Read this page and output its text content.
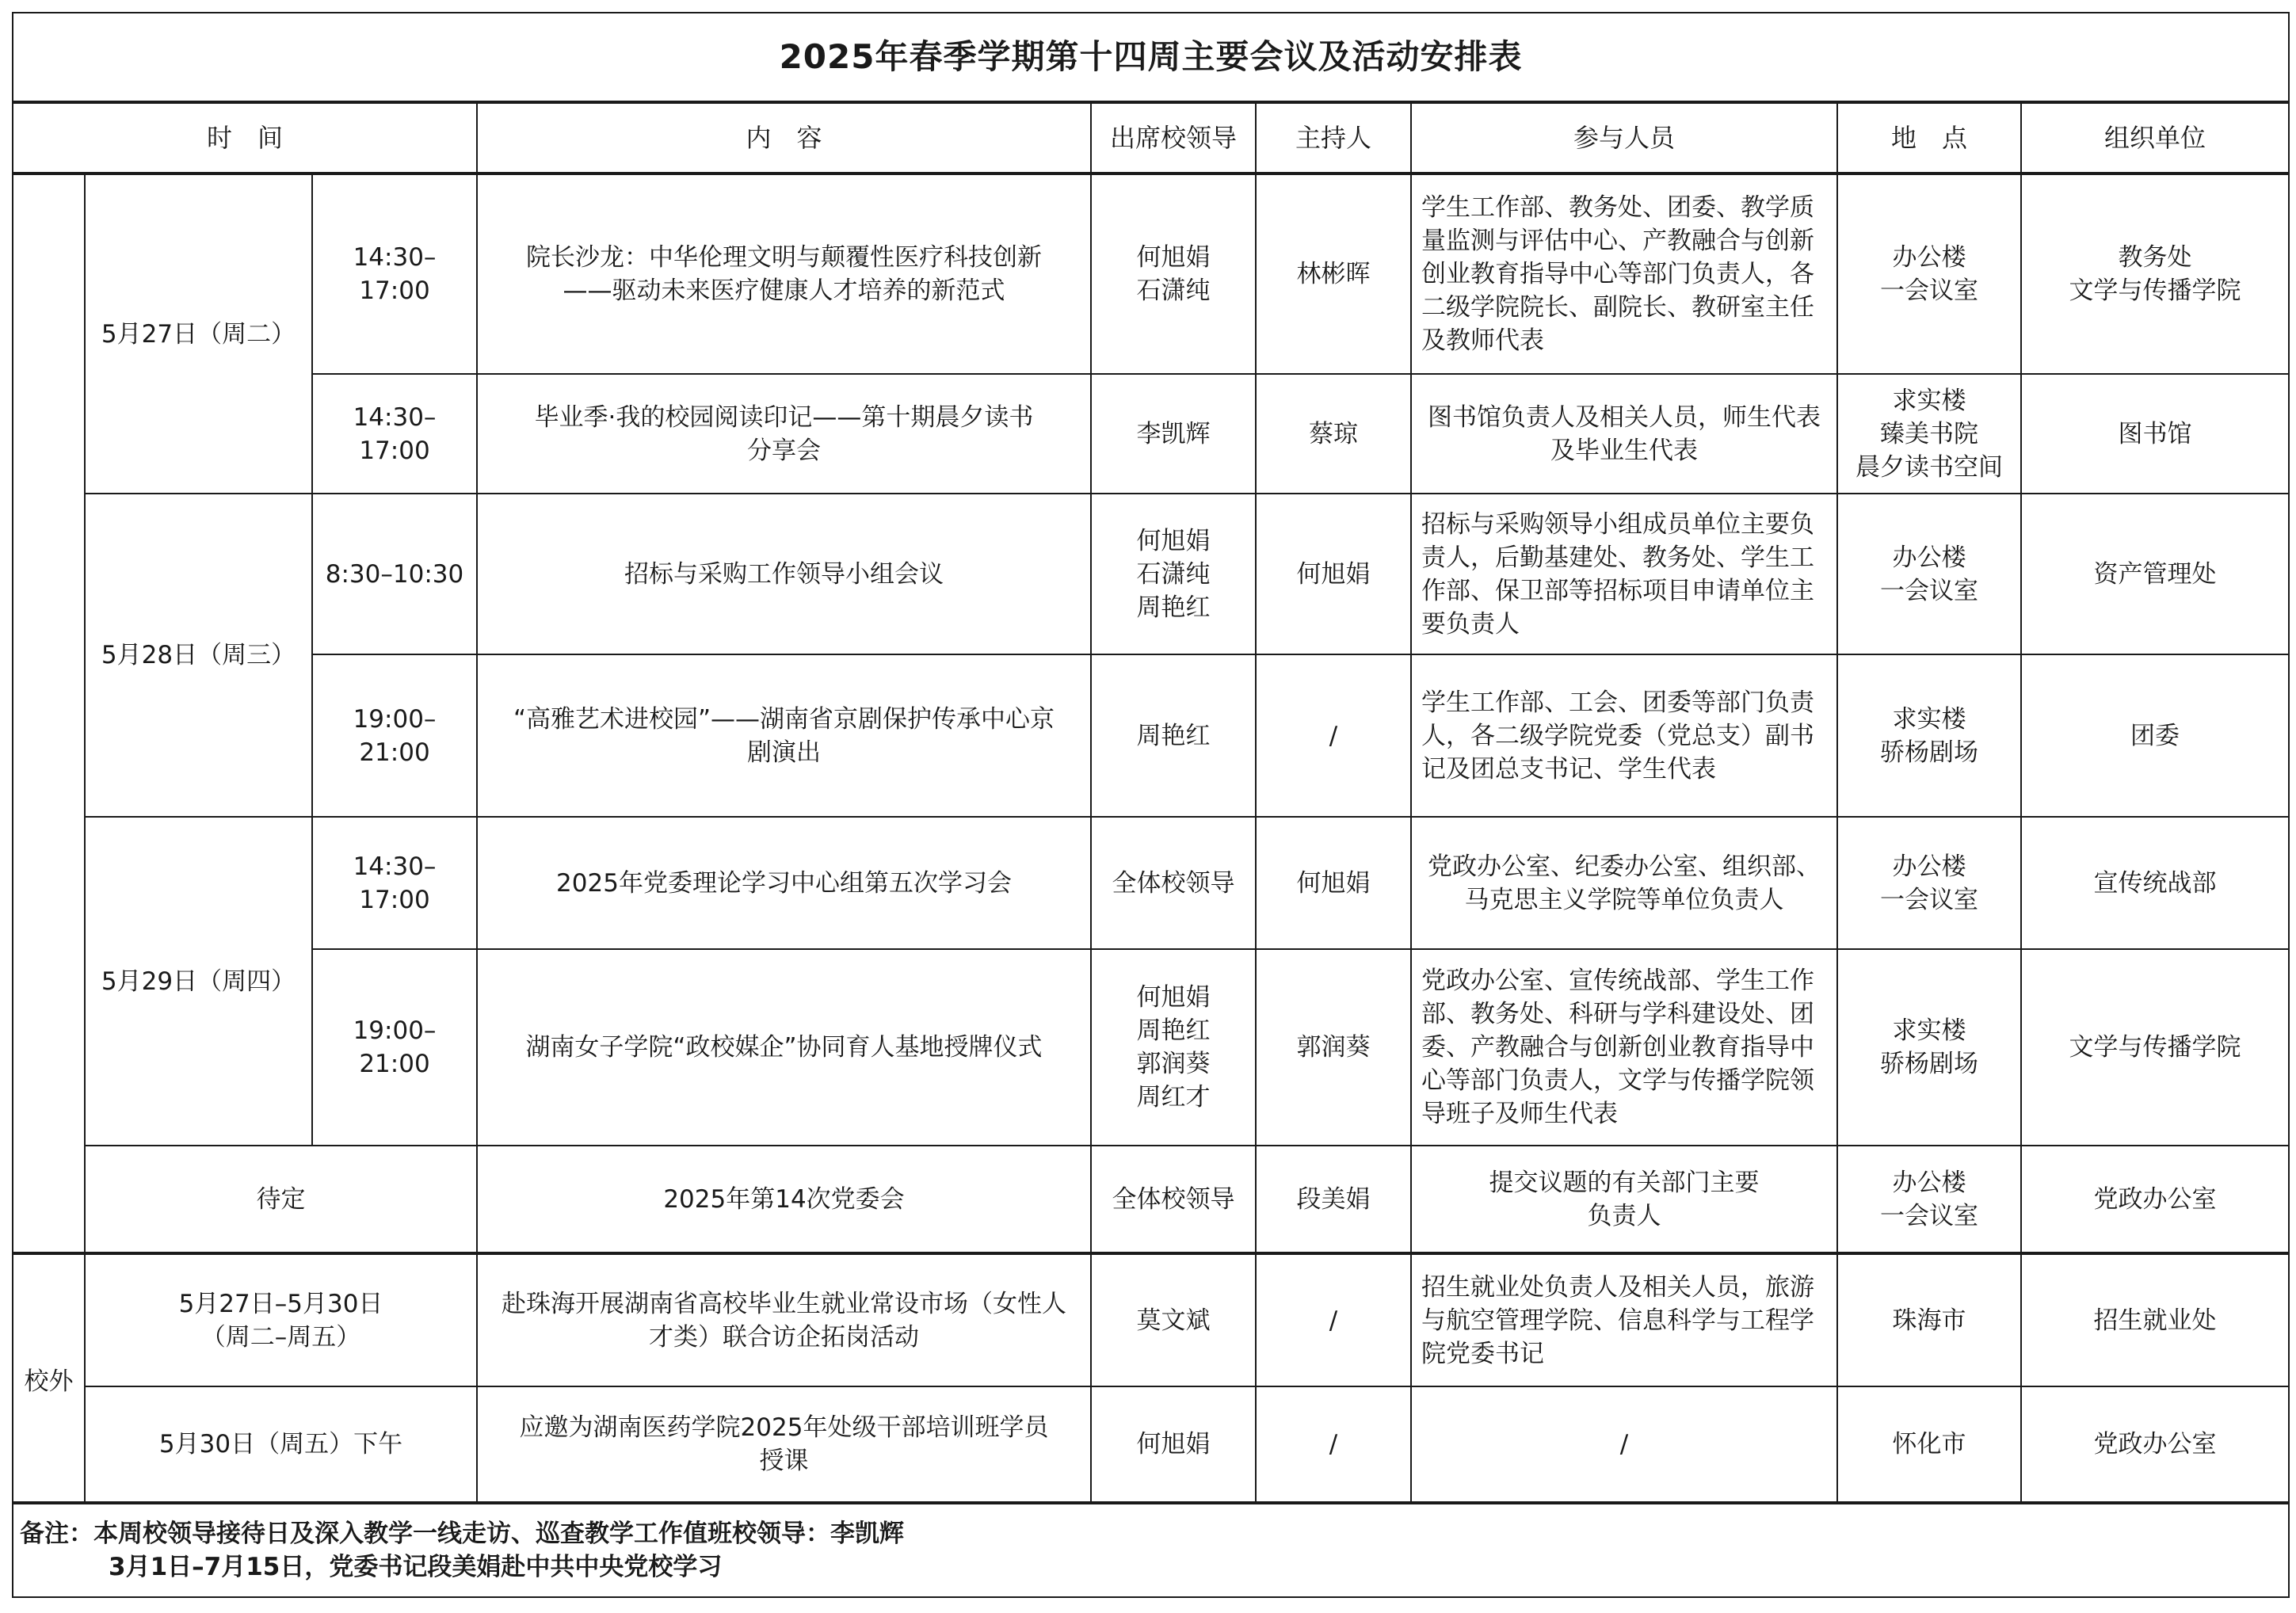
2025年春季学期第十四周主要会议及活动安排表								
时　间			内　容	出席校领导	主持人	参与人员	地　点	组织单位
	5月27日（周二）	14:30–17:00	院长沙龙：中华伦理文明与颠覆性医疗科技创新
——驱动未来医疗健康人才培养的新范式	何旭娟
石潇纯	林彬晖	学生工作部、教务处、团委、教学质
量监测与评估中心、产教融合与创新
创业教育指导中心等部门负责人，各
二级学院院长、副院长、教研室主任
及教师代表	办公楼
一会议室	教务处
文学与传播学院

		14:30–17:00	毕业季·我的校园阅读印记——第十期晨夕读书
分享会	李凯辉	蔡琼	图书馆负责人及相关人员，师生代表
及毕业生代表	求实楼
臻美书院
晨夕读书空间	图书馆

	5月28日（周三）	8:30–10:30	招标与采购工作领导小组会议	何旭娟
石潇纯
周艳红	何旭娟	招标与采购领导小组成员单位主要负
责人，后勤基建处、教务处、学生工
作部、保卫部等招标项目申请单位主
要负责人	办公楼
一会议室	资产管理处

		19:00–21:00	“高雅艺术进校园”——湖南省京剧保护传承中心京
剧演出	周艳红	/	学生工作部、工会、团委等部门负责
人，各二级学院党委（党总支）副书
记及团总支书记、学生代表	求实楼
骄杨剧场	团委

	5月29日（周四）	14:30–17:00	2025年党委理论学习中心组第五次学习会	全体校领导	何旭娟	党政办公室、纪委办公室、组织部、
马克思主义学院等单位负责人	办公楼
一会议室	宣传统战部

		19:00–21:00	湖南女子学院“政校媒企”协同育人基地授牌仪式	何旭娟
周艳红
郭润葵
周红才	郭润葵	党政办公室、宣传统战部、学生工作
部、教务处、科研与学科建设处、团
委、产教融合与创新创业教育指导中
心等部门负责人，文学与传播学院领
导班子及师生代表	求实楼
骄杨剧场	文学与传播学院

	待定		2025年第14次党委会	全体校领导	段美娟	提交议题的有关部门主要
负责人	办公楼
一会议室	党政办公室

校外	5月27日–5月30日
（周二–周五）		赴珠海开展湖南省高校毕业生就业常设市场（女性人
才类）联合访企拓岗活动	莫文斌	/	招生就业处负责人及相关人员，旅游
与航空管理学院、信息科学与工程学
院党委书记	珠海市	招生就业处

	5月30日（周五）下午		应邀为湖南医药学院2025年处级干部培训班学员
授课	何旭娟	/	/	怀化市	党政办公室

备注：本周校领导接待日及深入教学一线走访、巡查教学工作值班校领导：李凯辉
3月1日–7月15日，党委书记段美娟赴中共中央党校学习								
